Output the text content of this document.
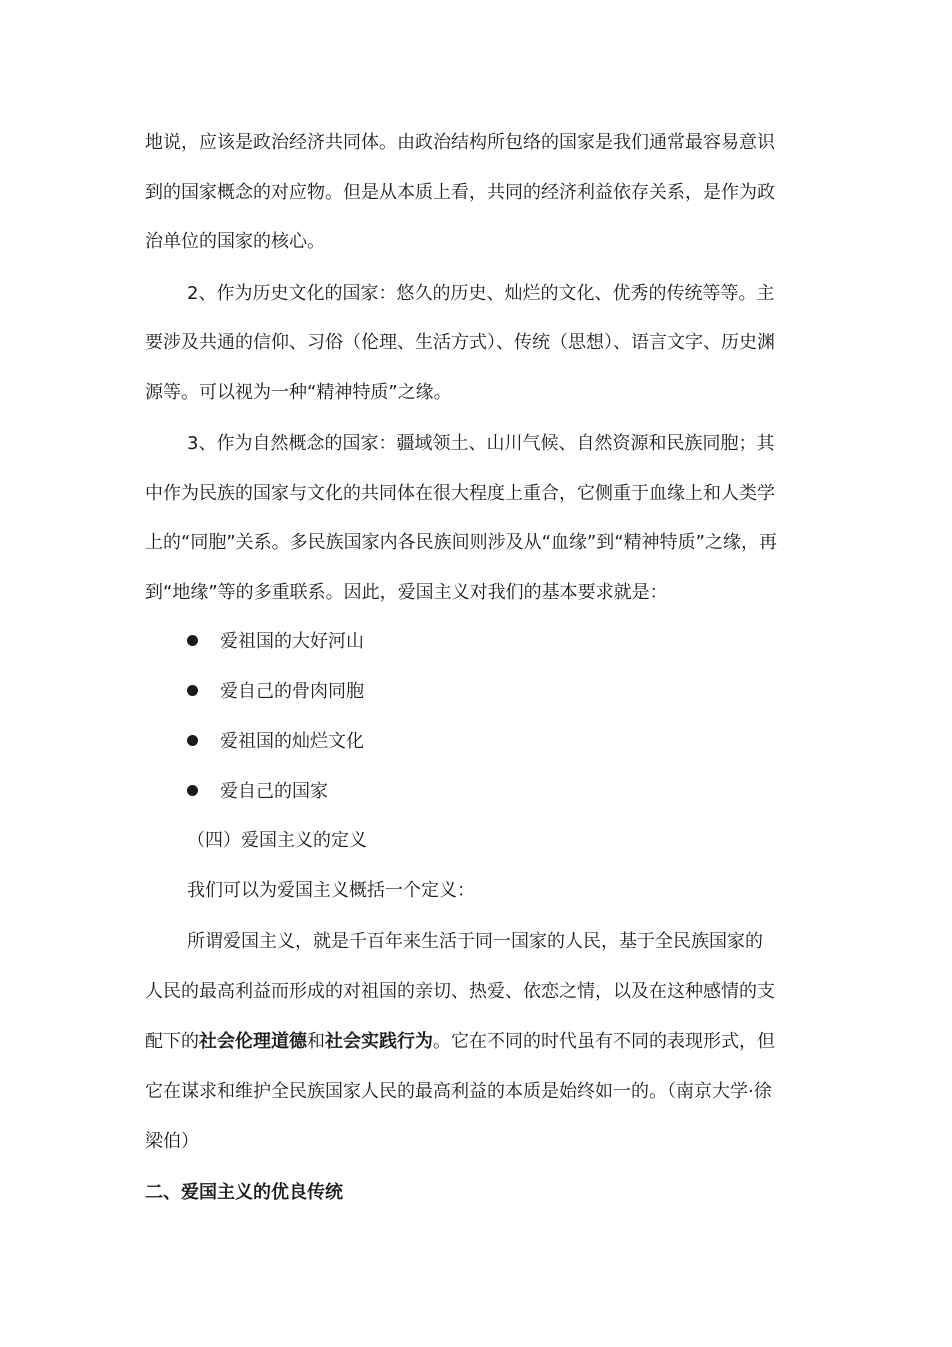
地说，应该是政治经济共同体。由政治结构所包络的国家是我们通常最容易意识
到的国家概念的对应物。但是从本质上看，共同的经济利益依存关系，是作为政
治单位的国家的核心。
2、作为历史文化的国家：悠久的历史、灿烂的文化、优秀的传统等等。主
要涉及共通的信仰、习俗（伦理、生活方式）、传统（思想）、语言文字、历史渊
源等。可以视为一种“精神特质”之缘。
3、作为自然概念的国家：疆域领土、山川气候、自然资源和民族同胞；其
中作为民族的国家与文化的共同体在很大程度上重合，它侧重于血缘上和人类学
上的“同胞”关系。多民族国家内各民族间则涉及从“血缘”到“精神特质”之缘，再
到“地缘”等的多重联系。因此，爱国主义对我们的基本要求就是：
爱祖国的大好河山
爱自己的骨肉同胞
爱祖国的灿烂文化
爱自己的国家
（四）爱国主义的定义
我们可以为爱国主义概括一个定义：
所谓爱国主义，就是千百年来生活于同一国家的人民，基于全民族国家的
人民的最高利益而形成的对祖国的亲切、热爱、依恋之情，以及在这种感情的支
配下的社会伦理道德和社会实践行为。它在不同的时代虽有不同的表现形式，但
它在谋求和维护全民族国家人民的最高利益的本质是始终如一的。（南京大学·徐
梁伯）
二、爱国主义的优良传统
